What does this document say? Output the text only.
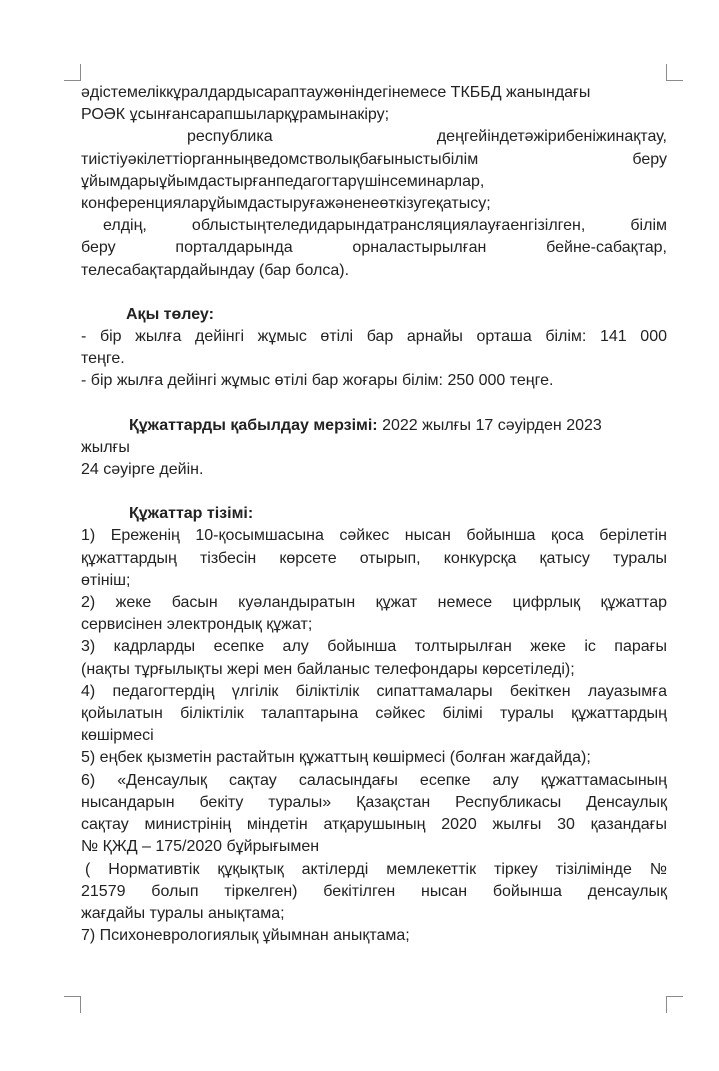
әдістемеліккұралдардысараптаужөніндегінемесе ТКББД жанындағы

РОӘК ұсынғансарапшыларқұрамынакіру;

республика деңгейіндетәжірибеніжинақтау,

тиістіуәкілеттіорганныңведомстволықбағыныстыбілім беру

ұйымдарыұйымдастырғанпедагогтарүшінсеминарлар,

конференцияларұйымдастыруғажәненеөткізугеқатысу;

елдің, облыстыңтеледидарындатрансляциялауғаенгізілген, білім

беру порталдарында орналастырылған бейне-сабақтар,

телесабақтардайындау (бар болса).

Ақы төлеу:

- бір жылға дейінгі жұмыс өтілі бар арнайы орташа білім: 141 000

теңге.

- бір жылға дейінгі жұмыс өтілі бар жоғары білім: 250 000 теңге.

Құжаттарды қабылдау мерзімі: 2022 жылғы 17 сәуірден 2023

жылғы

24 сәуірге дейін.

Құжаттар тізімі:

1) Ереженің 10-қосымшасына сәйкес нысан бойынша қоса берілетін

құжаттардың тізбесін көрсете отырып, конкурсқа қатысу туралы

өтініш;

2) жеке басын куәландыратын құжат немесе цифрлық құжаттар

сервисінен электрондық құжат;

3) кадрларды есепке алу бойынша толтырылған жеке іс парағы

(нақты тұрғылықты жері мен байланыс телефондары көрсетіледі);

4) педагогтердің үлгілік біліктілік сипаттамалары бекіткен лауазымға

қойылатын біліктілік талаптарына сәйкес білімі туралы құжаттардың

көшірмесі

5) еңбек қызметін растайтын құжаттың көшірмесі (болған жағдайда);

6) «Денсаулық сақтау саласындағы есепке алу құжаттамасының

нысандарын бекіту туралы» Қазақстан Республикасы Денсаулық

сақтау министрінің міндетін атқарушының 2020 жылғы 30 қазандағы

№ ҚЖД – 175/2020 бұйрығымен

( Нормативтік құқықтық актілерді мемлекеттік тіркеу тізілімінде №

21579 болып тіркелген) бекітілген нысан бойынша денсаулық

жағдайы туралы анықтама;

7) Психоневрологиялық ұйымнан анықтама;
